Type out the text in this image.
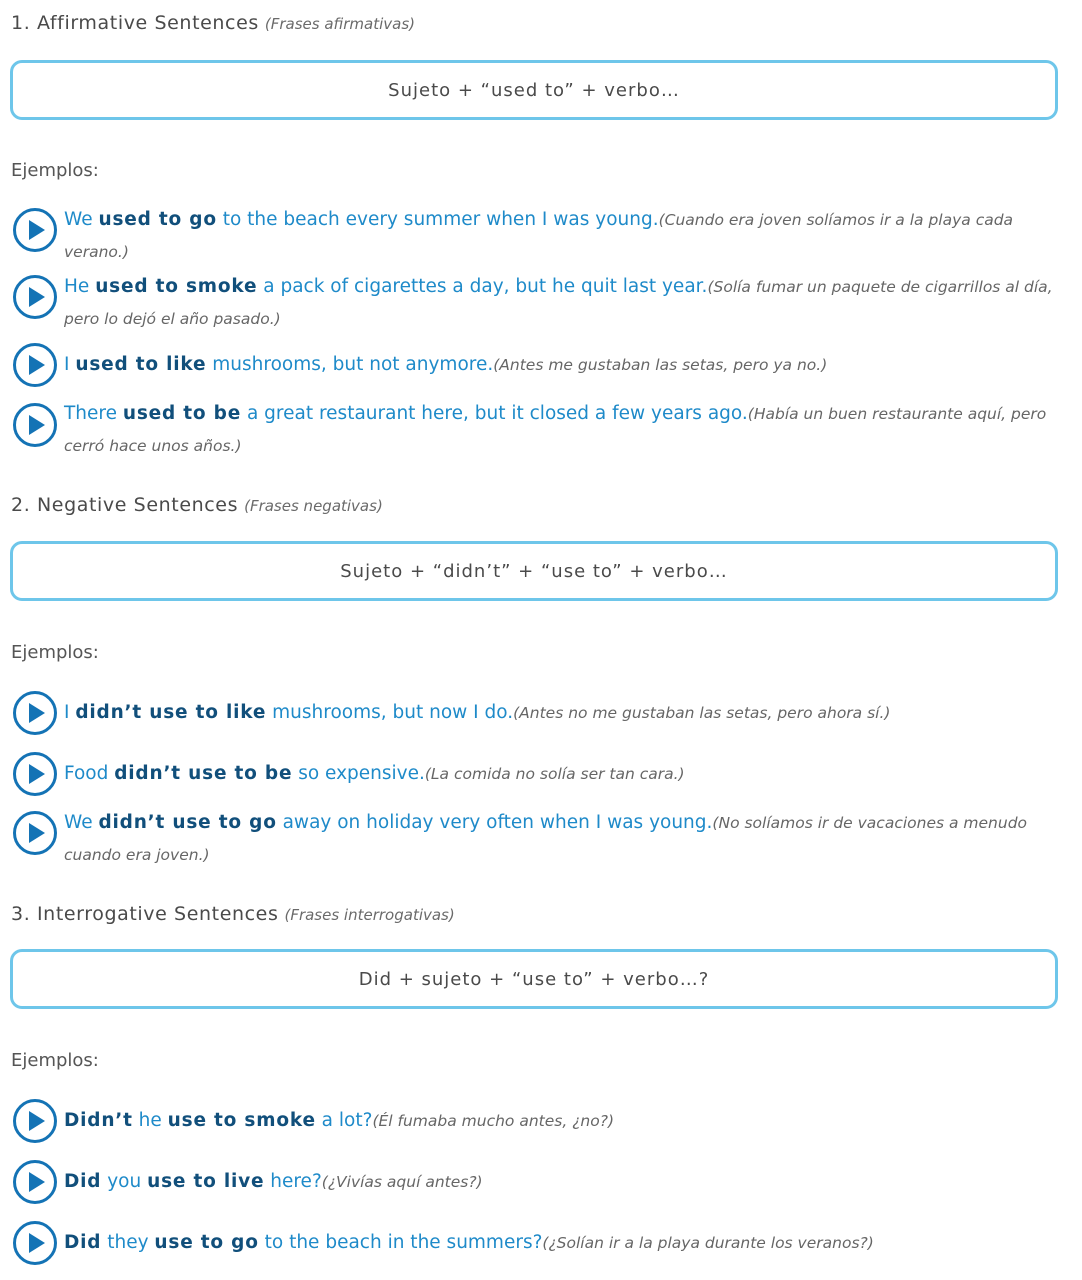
1. Affirmative Sentences (Frases afirmativas)
Sujeto + “used to” + verbo…
Ejemplos:
We used to go to the beach every summer when I was young.(Cuando era joven solíamos ir a la playa cada verano.)
He used to smoke a pack of cigarettes a day, but he quit last year.(Solía fumar un paquete de cigarrillos al día, pero lo dejó el año pasado.)
I used to like mushrooms, but not anymore.(Antes me gustaban las setas, pero ya no.)
There used to be a great restaurant here, but it closed a few years ago.(Había un buen restaurante aquí, pero cerró hace unos años.)
2. Negative Sentences (Frases negativas)
Sujeto + “didn’t” + “use to” + verbo…
Ejemplos:
I didn’t use to like mushrooms, but now I do.(Antes no me gustaban las setas, pero ahora sí.)
Food didn’t use to be so expensive.(La comida no solía ser tan cara.)
We didn’t use to go away on holiday very often when I was young.(No solíamos ir de vacaciones a menudo cuando era joven.)
3. Interrogative Sentences (Frases interrogativas)
Did + sujeto + “use to” + verbo…?
Ejemplos:
Didn’t he use to smoke a lot?(Él fumaba mucho antes, ¿no?)
Did you use to live here?(¿Vivías aquí antes?)
Did they use to go to the beach in the summers?(¿Solían ir a la playa durante los veranos?)
